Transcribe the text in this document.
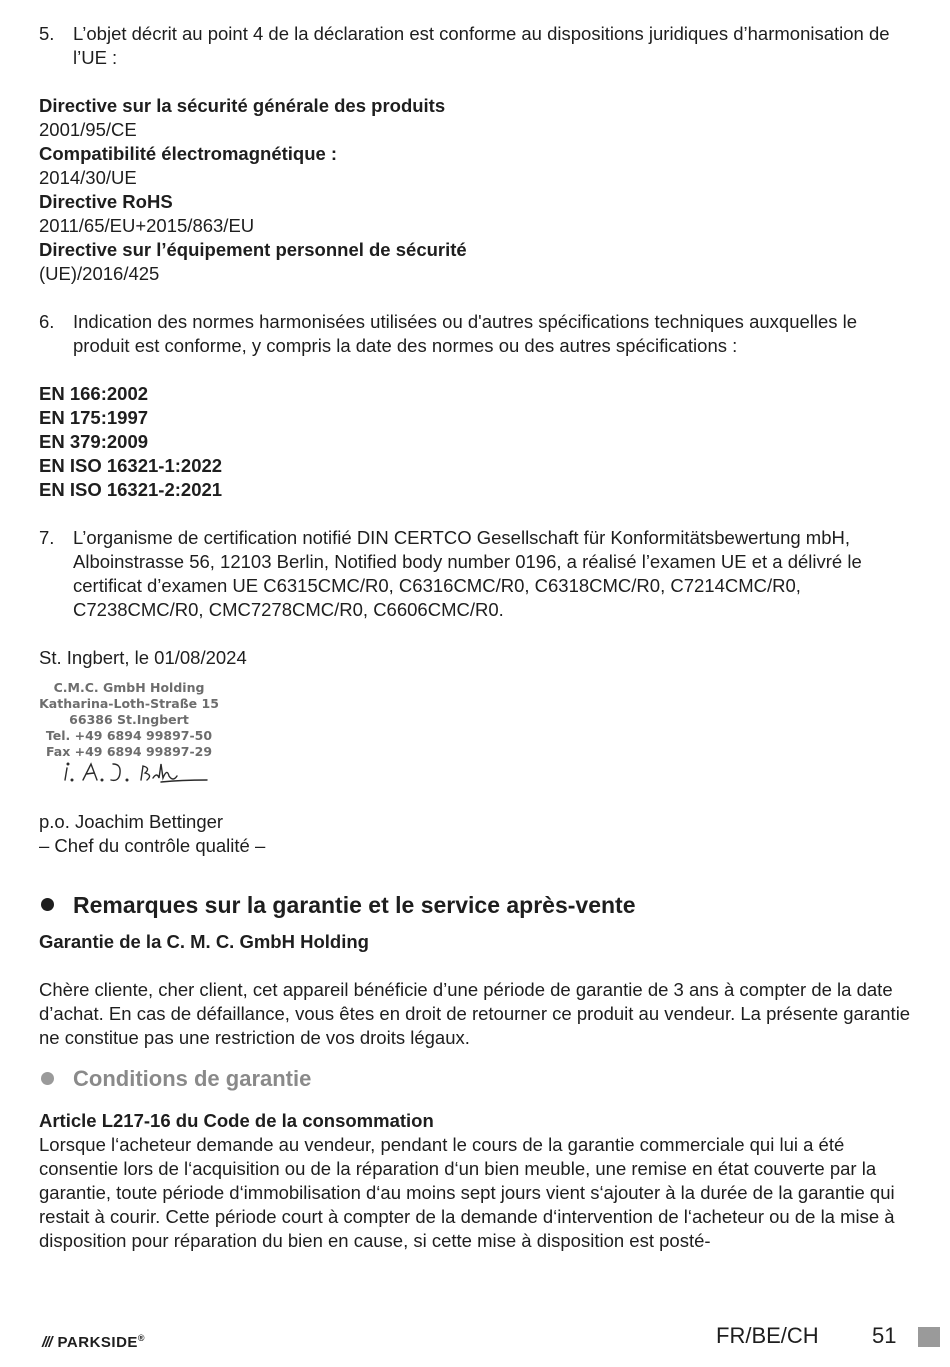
5. L’objet décrit au point 4 de la déclaration est conforme au dispositions juridiques d’harmonisation de l’UE :
Directive sur la sécurité générale des produits
2001/95/CE
Compatibilité électromagnétique :
2014/30/UE
Directive RoHS
2011/65/EU+2015/863/EU
Directive sur l’équipement personnel de sécurité
(UE)/2016/425
6. Indication des normes harmonisées utilisées ou d'autres spécifications techniques auxquelles le produit est conforme, y compris la date des normes ou des autres spécifications :
EN 166:2002
EN 175:1997
EN 379:2009
EN ISO 16321-1:2022
EN ISO 16321-2:2021
7. L’organisme de certification notifié DIN CERTCO Gesellschaft für Konformitätsbewertung mbH, Alboinstrasse 56, 12103 Berlin, Notified body number 0196, a réalisé l’examen UE et a délivré le certificat d’examen UE C6315CMC/R0, C6316CMC/R0, C6318CMC/R0, C7214CMC/R0, C7238CMC/R0, CMC7278CMC/R0, C6606CMC/R0.
St. Ingbert, le 01/08/2024
C.M.C. GmbH Holding
Katharina-Loth-Straße 15
66386 St.Ingbert
Tel. +49 6894 99897-50
Fax +49 6894 99897-29
p.o. Joachim Bettinger
– Chef du contrôle qualité –
Remarques sur la garantie et le service après-vente
Garantie de la C. M. C. GmbH Holding
Chère cliente, cher client, cet appareil bénéficie d’une période de garantie de 3 ans à compter de la date d’achat. En cas de défaillance, vous êtes en droit de retourner ce produit au vendeur. La présente garantie ne constitue pas une restriction de vos droits légaux.
Conditions de garantie
Article L217-16 du Code de la consommation
Lorsque l‘acheteur demande au vendeur, pendant le cours de la garantie commerciale qui lui a été consentie lors de l‘acquisition ou de la réparation d‘un bien meuble, une remise en état couverte par la garantie, toute période d‘immobilisation d‘au moins sept jours vient s‘ajouter à la durée de la garantie qui restait à courir. Cette période court à compter de la demande d‘intervention de l‘acheteur ou de la mise à disposition pour réparation du bien en cause, si cette mise à disposition est posté-
/// PARKSIDE®	FR/BE/CH 51
